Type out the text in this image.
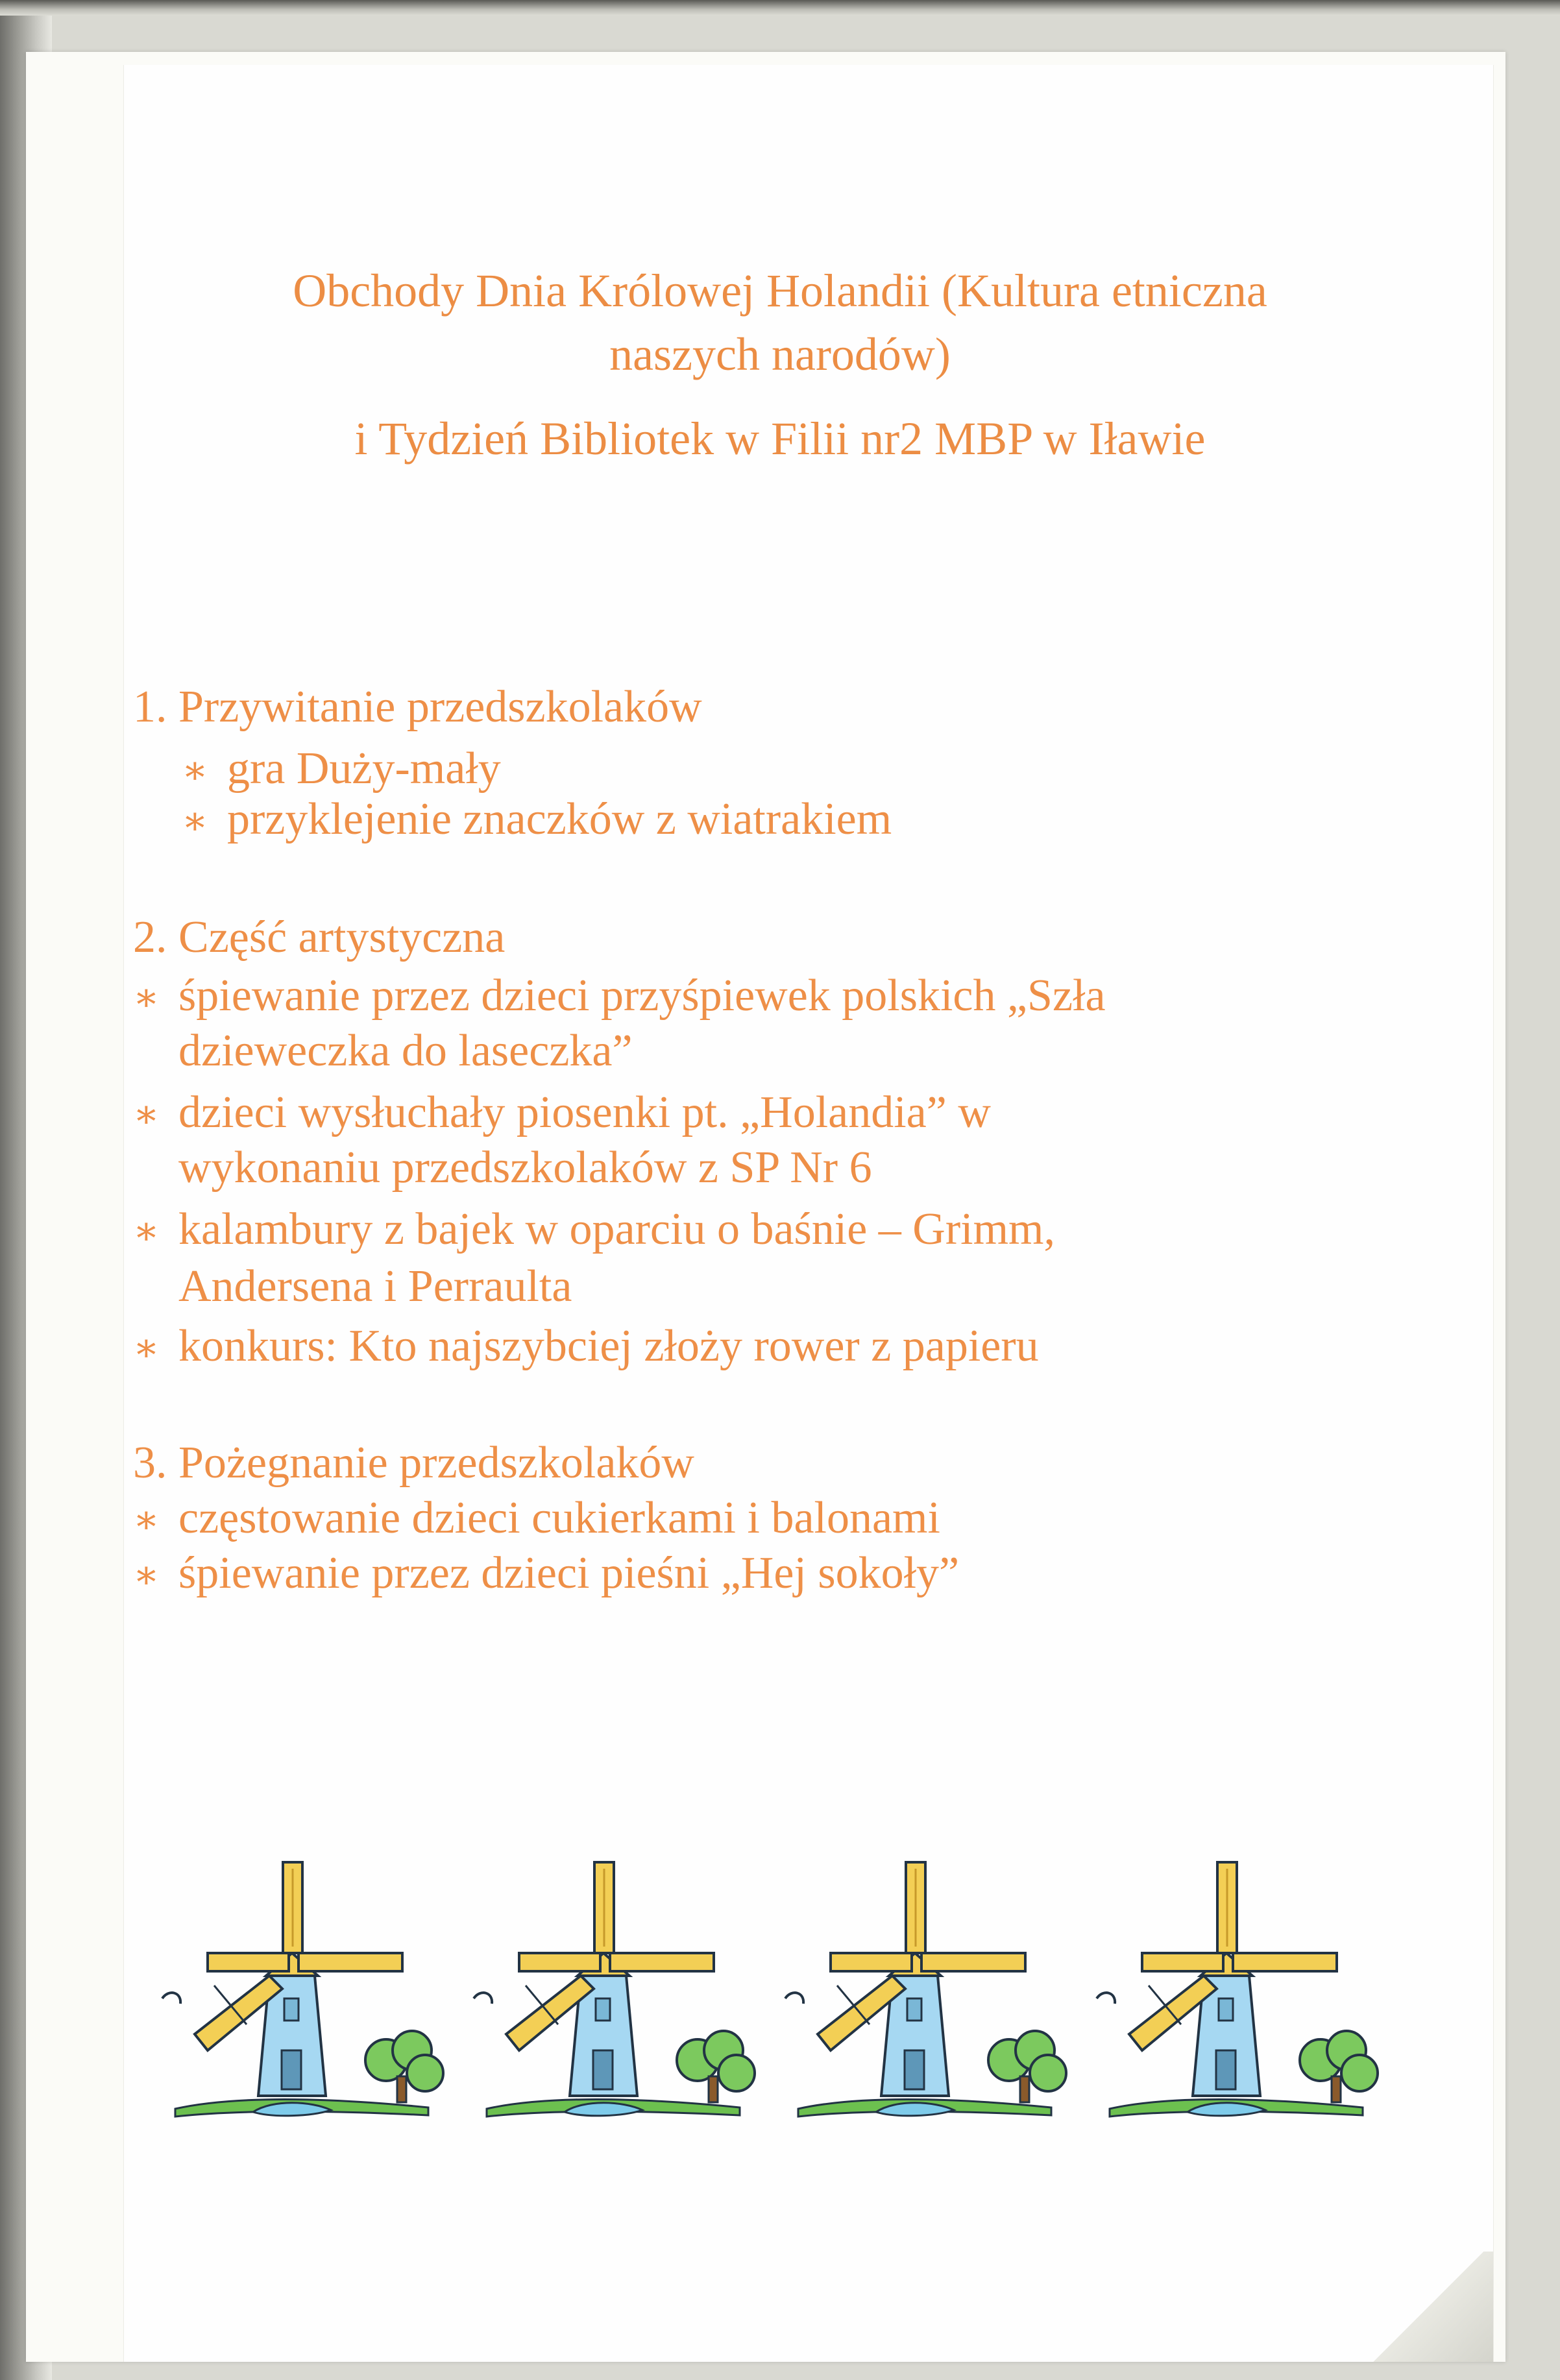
Obchody Dnia Królowej Holandii (Kultura etniczna
naszych narodów)
i Tydzień Bibliotek w Filii nr2 MBP w Iławie
1. Przywitanie przedszkolaków
∗ gra Duży-mały
∗ przyklejenie znaczków z wiatrakiem
2. Część artystyczna
∗ śpiewanie przez dzieci przyśpiewek polskich „Szła
dzieweczka do laseczka”
∗ dzieci wysłuchały piosenki pt. „Holandia” w
wykonaniu przedszkolaków z SP Nr 6
∗ kalambury z bajek w oparciu o baśnie – Grimm,
Andersena i Perraulta
∗ konkurs: Kto najszybciej złoży rower z papieru
3. Pożegnanie przedszkolaków
∗ częstowanie dzieci cukierkami i balonami
∗ śpiewanie przez dzieci pieśni „Hej sokoły”
